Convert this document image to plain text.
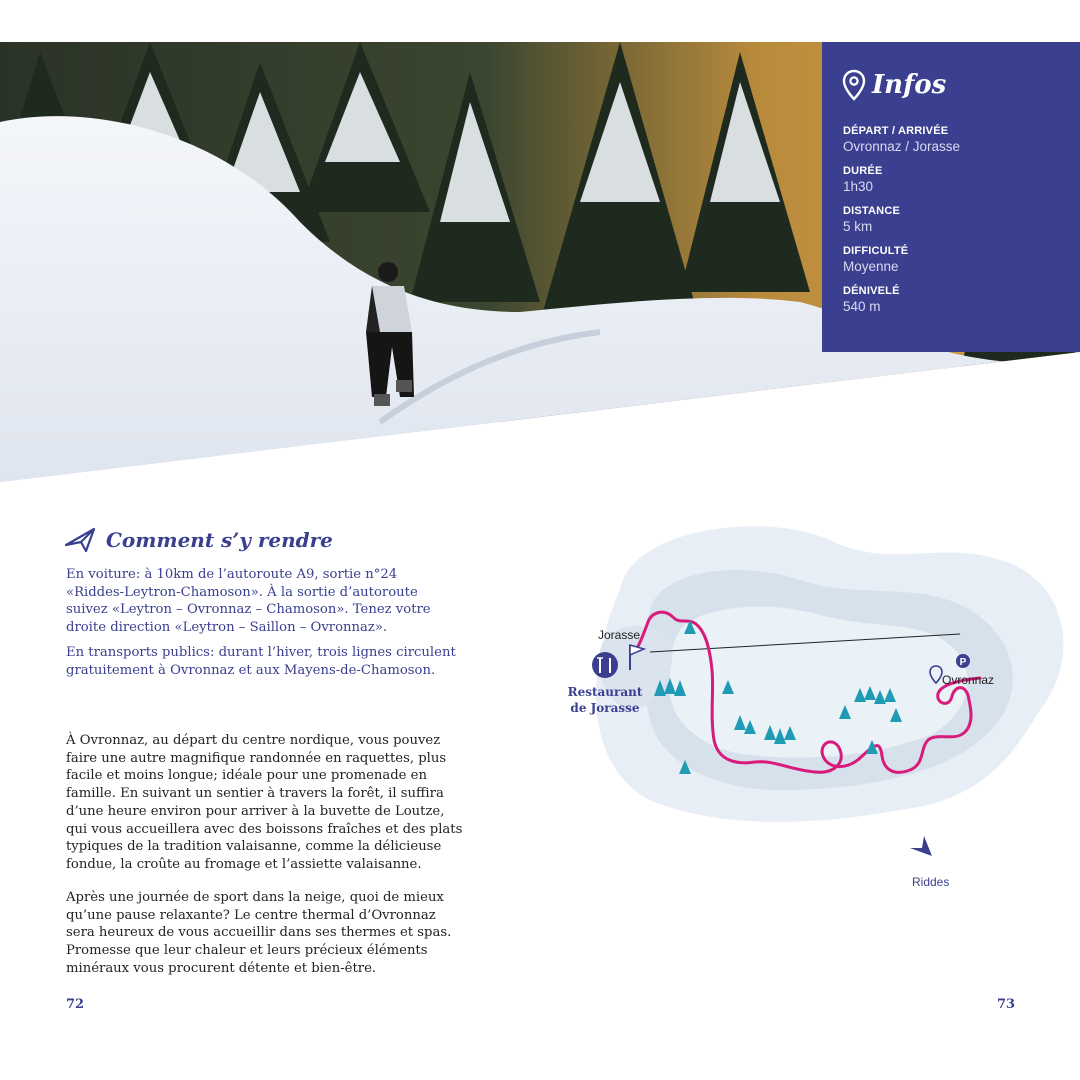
Infos
DÉPART / ARRIVÉE
Ovronnaz / Jorasse
DURÉE
1h30
DISTANCE
5 km
DIFFICULTÉ
Moyenne
DÉNIVELÉ
540 m
Comment s’y rendre

En voiture: à 10km de l’autoroute A9, sortie n°24 «Riddes-Leytron-Chamoson». À la sortie d’autoroute suivez «Leytron – Ovronnaz – Chamoson». Tenez votre droite direction «Leytron – Saillon – Ovronnaz».

En transports publics: durant l’hiver, trois lignes circulent gratuitement à Ovronnaz et aux Mayens-de-Chamoson.

À Ovronnaz, au départ du centre nordique, vous pouvez faire une autre magnifique randonnée en raquettes, plus facile et moins longue; idéale pour une promenade en famille. En suivant un sentier à travers la forêt, il suffira d’une heure environ pour arriver à la buvette de Loutze, qui vous accueillera avec des boissons fraîches et des plats typiques de la tradition valaisanne, comme la délicieuse fondue, la croûte au fromage et l’assiette valaisanne.

Après une journée de sport dans la neige, quoi de mieux qu’une pause relaxante? Le centre thermal d’Ovronnaz sera heureux de vous accueillir dans ses thermes et spas. Promesse que leur chaleur et leurs précieux éléments minéraux vous procurent détente et bien-être.

72	73
Jorasse
Restaurant
de Jorasse
P
Ovronnaz
Riddes
